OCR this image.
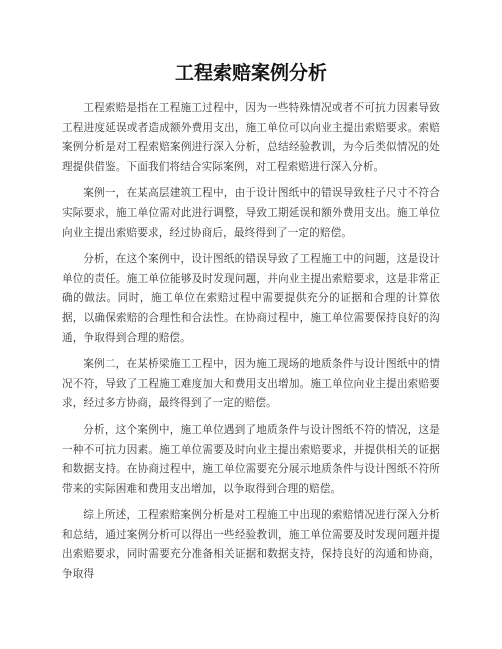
工程索赔案例分析

工程索赔是指在工程施工过程中，因为一些特殊情况或者不可抗力因素导致工程进度延误或者造成额外费用支出，施工单位可以向业主提出索赔要求。索赔案例分析是对工程索赔案例进行深入分析，总结经验教训，为今后类似情况的处理提供借鉴。下面我们将结合实际案例，对工程索赔进行深入分析。

案例一，在某高层建筑工程中，由于设计图纸中的错误导致柱子尺寸不符合实际要求，施工单位需对此进行调整，导致工期延误和额外费用支出。施工单位向业主提出索赔要求，经过协商后，最终得到了一定的赔偿。

分析，在这个案例中，设计图纸的错误导致了工程施工中的问题，这是设计单位的责任。施工单位能够及时发现问题，并向业主提出索赔要求，这是非常正确的做法。同时，施工单位在索赔过程中需要提供充分的证据和合理的计算依据，以确保索赔的合理性和合法性。在协商过程中，施工单位需要保持良好的沟通，争取得到合理的赔偿。

案例二，在某桥梁施工工程中，因为施工现场的地质条件与设计图纸中的情况不符，导致了工程施工难度加大和费用支出增加。施工单位向业主提出索赔要求，经过多方协商，最终得到了一定的赔偿。

分析，这个案例中，施工单位遇到了地质条件与设计图纸不符的情况，这是一种不可抗力因素。施工单位需要及时向业主提出索赔要求，并提供相关的证据和数据支持。在协商过程中，施工单位需要充分展示地质条件与设计图纸不符所带来的实际困难和费用支出增加，以争取得到合理的赔偿。

综上所述，工程索赔案例分析是对工程施工中出现的索赔情况进行深入分析和总结，通过案例分析可以得出一些经验教训，施工单位需要及时发现问题并提出索赔要求，同时需要充分准备相关证据和数据支持，保持良好的沟通和协商，争取得
